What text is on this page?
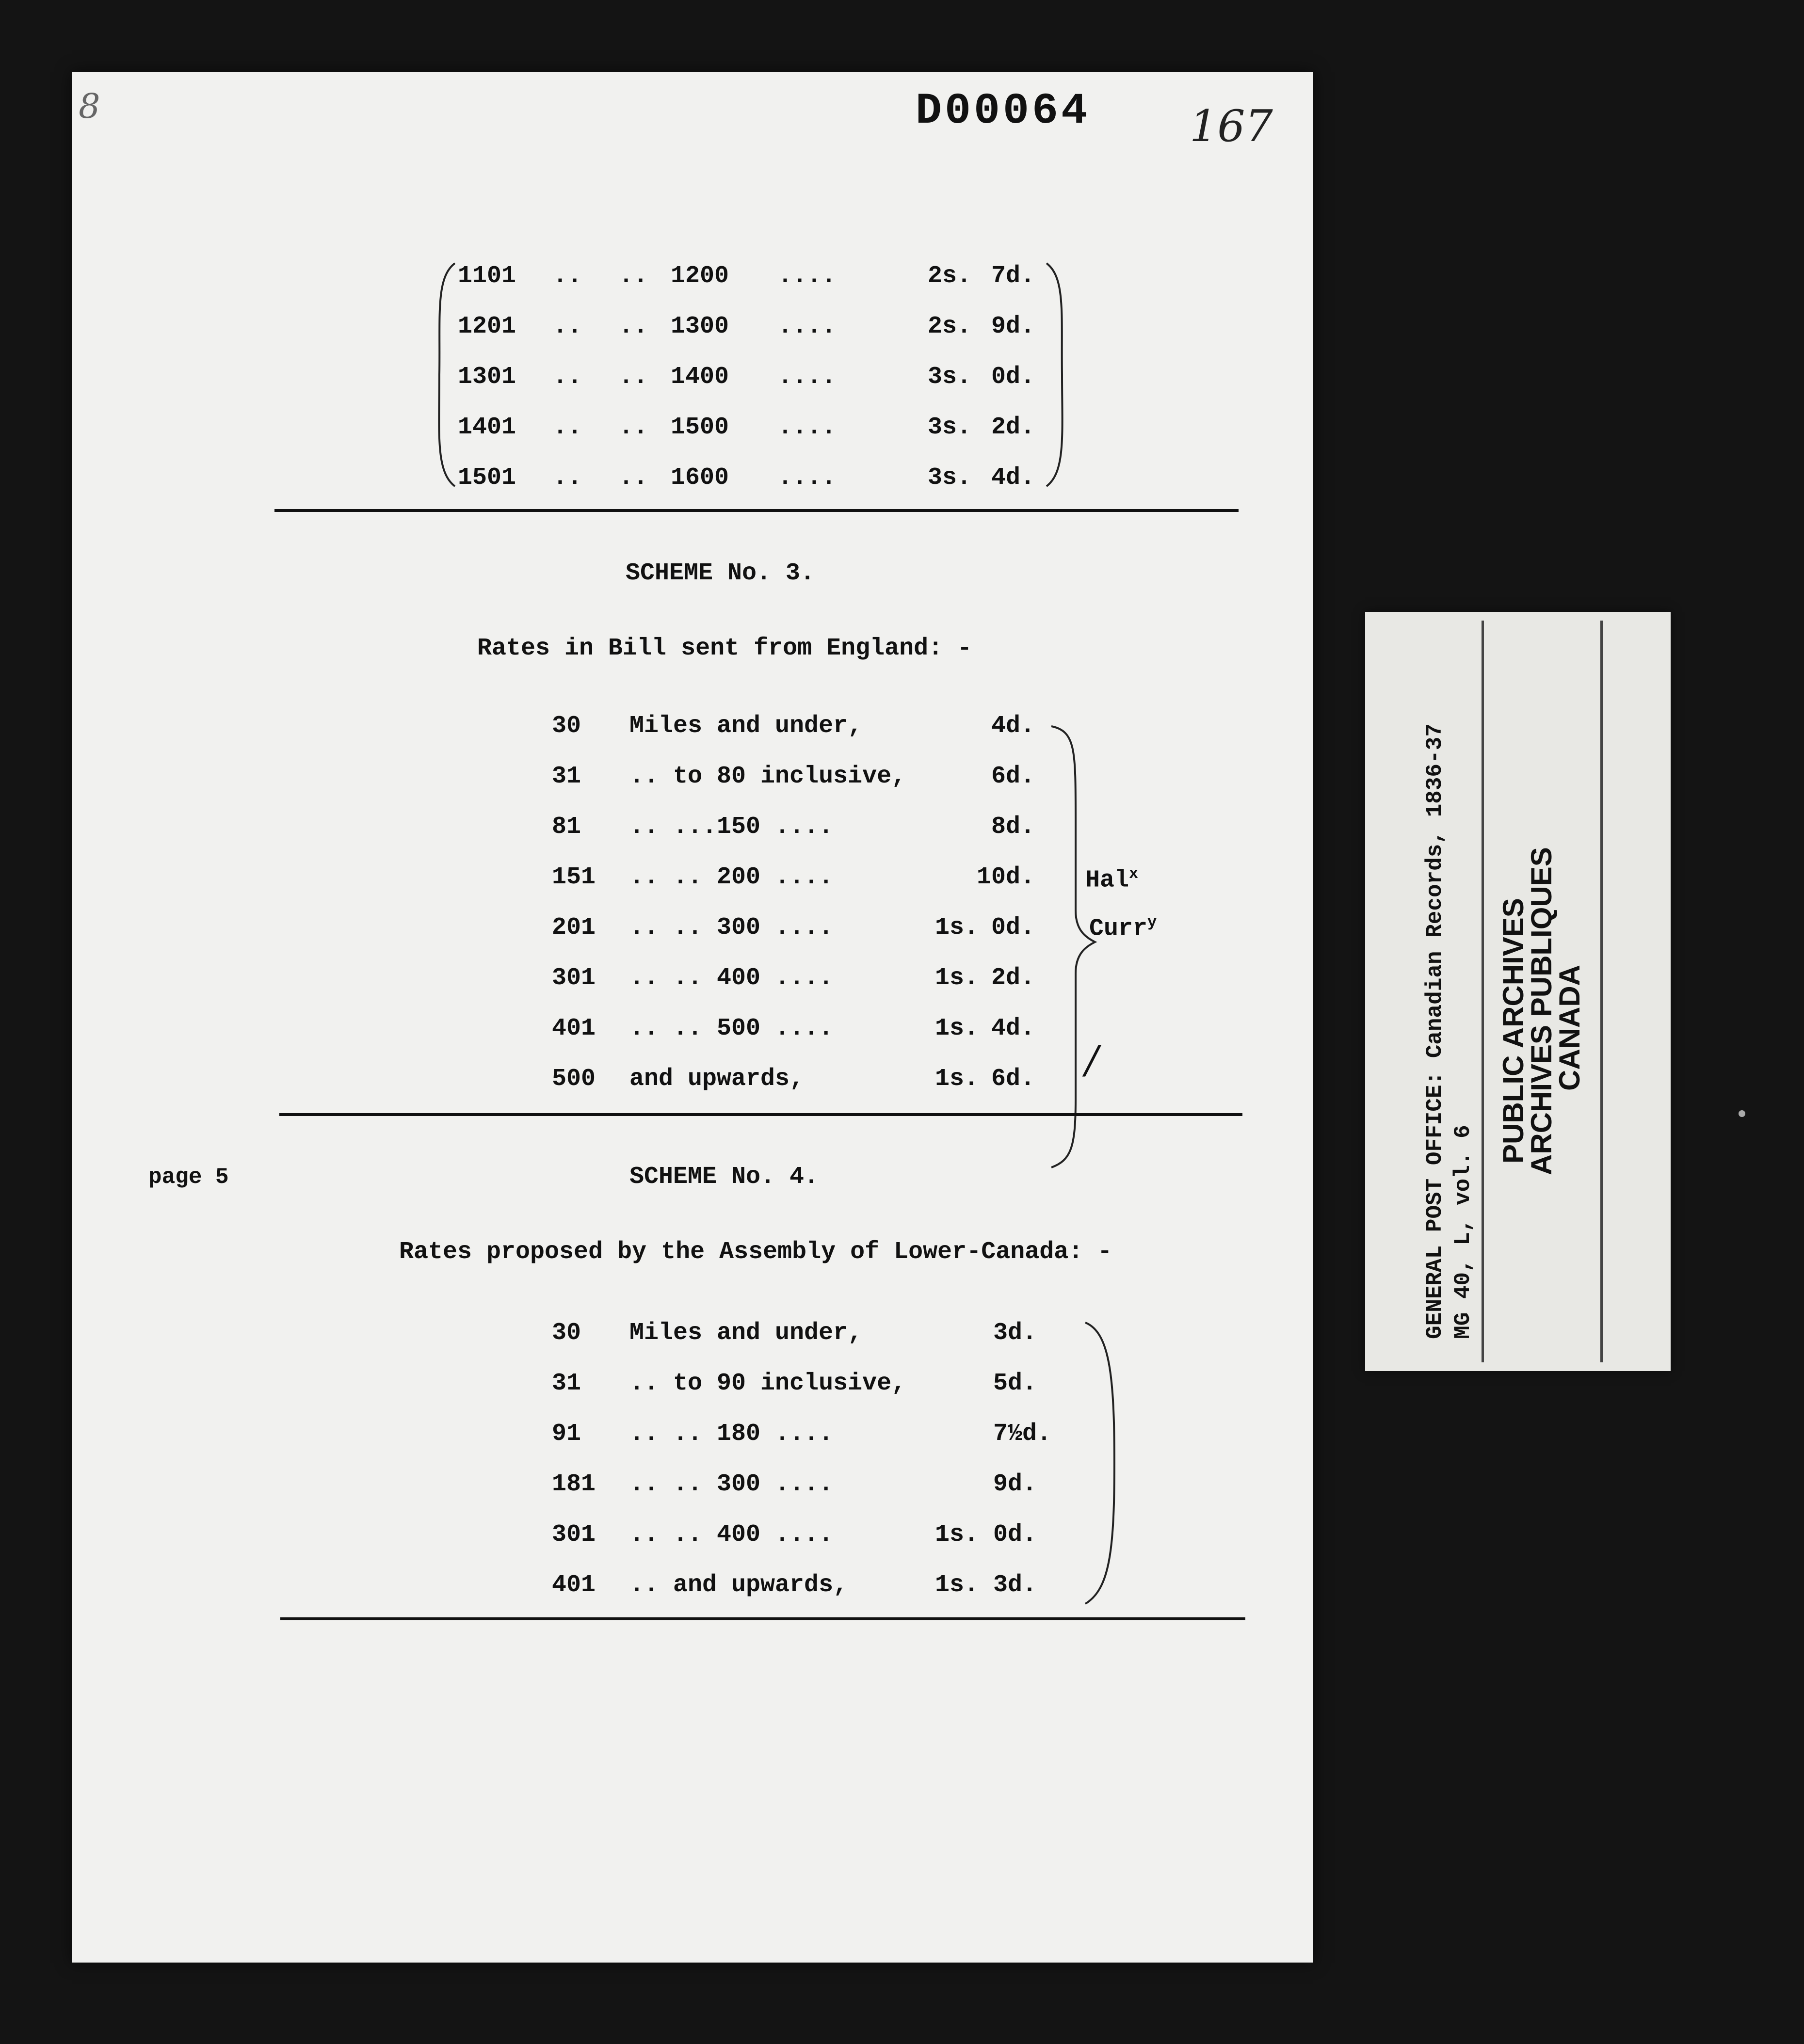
8	D00064 167
1101 .. .. 1200 ....	2s. 7d.
1201 .. .. 1300 ....	2s. 9d.
1301 .. .. 1400 ....	3s. 0d.
1401 .. .. 1500 ....	3s. 2d.
1501 .. .. 1600 ....	3s. 4d.
SCHEME No. 3.
Rates in Bill sent from England: -
30 Miles and under,	4d.
31 .. to 80 inclusive,	6d.
81 .. ...150 ....	8d.
151 .. .. 200 ....	10d.
201 .. .. 300 ....	1s. 0d.
301 .. .. 400 ....	1s. 2d.
401 .. .. 500 ....	1s. 4d.
500 and upwards,	1s. 6d.
Hal$^x$
Curr$^y$
/
page 5	SCHEME No. 4.
Rates proposed by the Assembly of Lower-Canada: -
30 Miles and under,	3d.
31 .. to 90 inclusive,	5d.
91 .. .. 180 ....	7½d.
181 .. .. 300 ....	9d.
301 .. .. 400 ....	1s. 0d.
401 .. and upwards,	1s. 3d.
GENERAL POST OFFICE: Canadian Records, 1836-37 MG 40, L, vol. 6
PUBLIC ARCHIVES
ARCHIVES PUBLIQUES
CANADA
